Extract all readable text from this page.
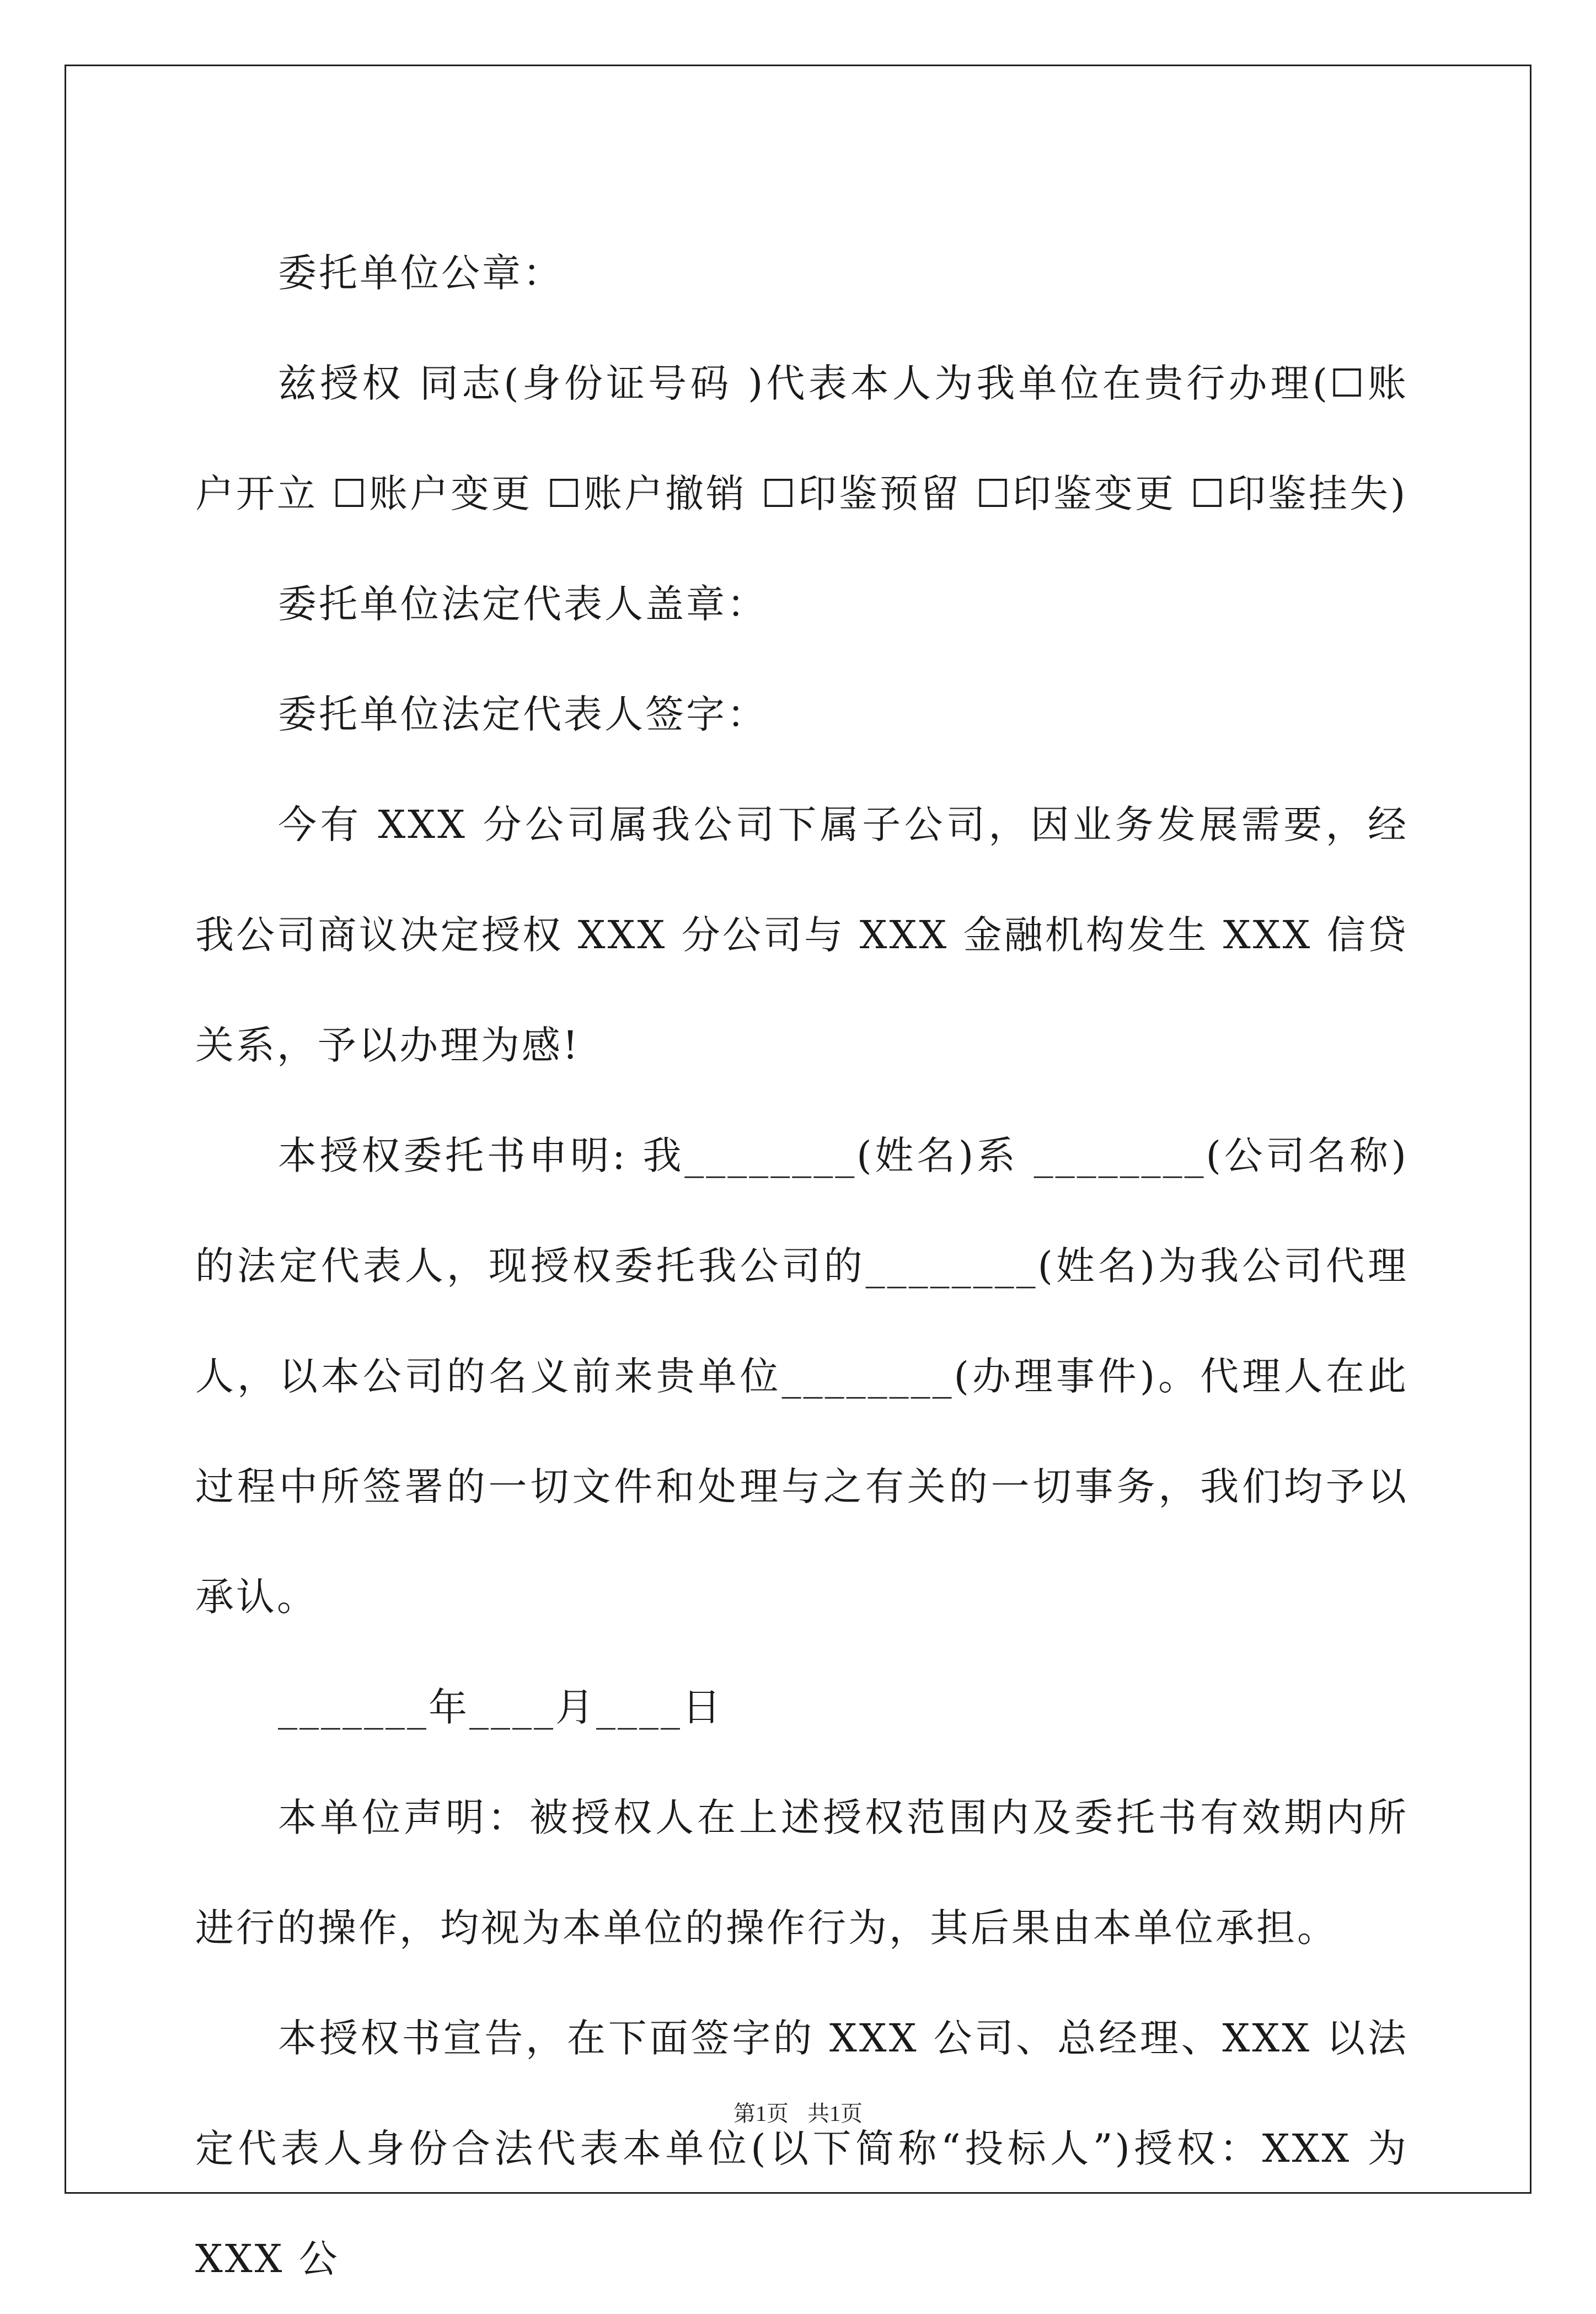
委托单位公章：

兹授权 同志(身份证号码 )代表本人为我单位在贵行办理(☐账户开立 ☐账户变更 ☐账户撤销 ☐印鉴预留 ☐印鉴变更 ☐印鉴挂失)

委托单位法定代表人盖章：

委托单位法定代表人签字：

今有 XXX 分公司属我公司下属子公司，因业务发展需要，经我公司商议决定授权 XXX 分公司与 XXX 金融机构发生 XXX 信贷关系，予以办理为感!

本授权委托书申明: 我________(姓名)系 ________(公司名称)的法定代表人，现授权委托我公司的________(姓名)为我公司代理人，以本公司的名义前来贵单位________(办理事件)。代理人在此过程中所签署的一切文件和处理与之有关的一切事务，我们均予以承认。

_______年____月____日

本单位声明：被授权人在上述授权范围内及委托书有效期内所进行的操作，均视为本单位的操作行为，其后果由本单位承担。

本授权书宣告，在下面签字的 XXX 公司、总经理、XXX 以法定代表人身份合法代表本单位(以下简称“投标人”)授权：XXX 为 XXX 公

第1页 共1页
